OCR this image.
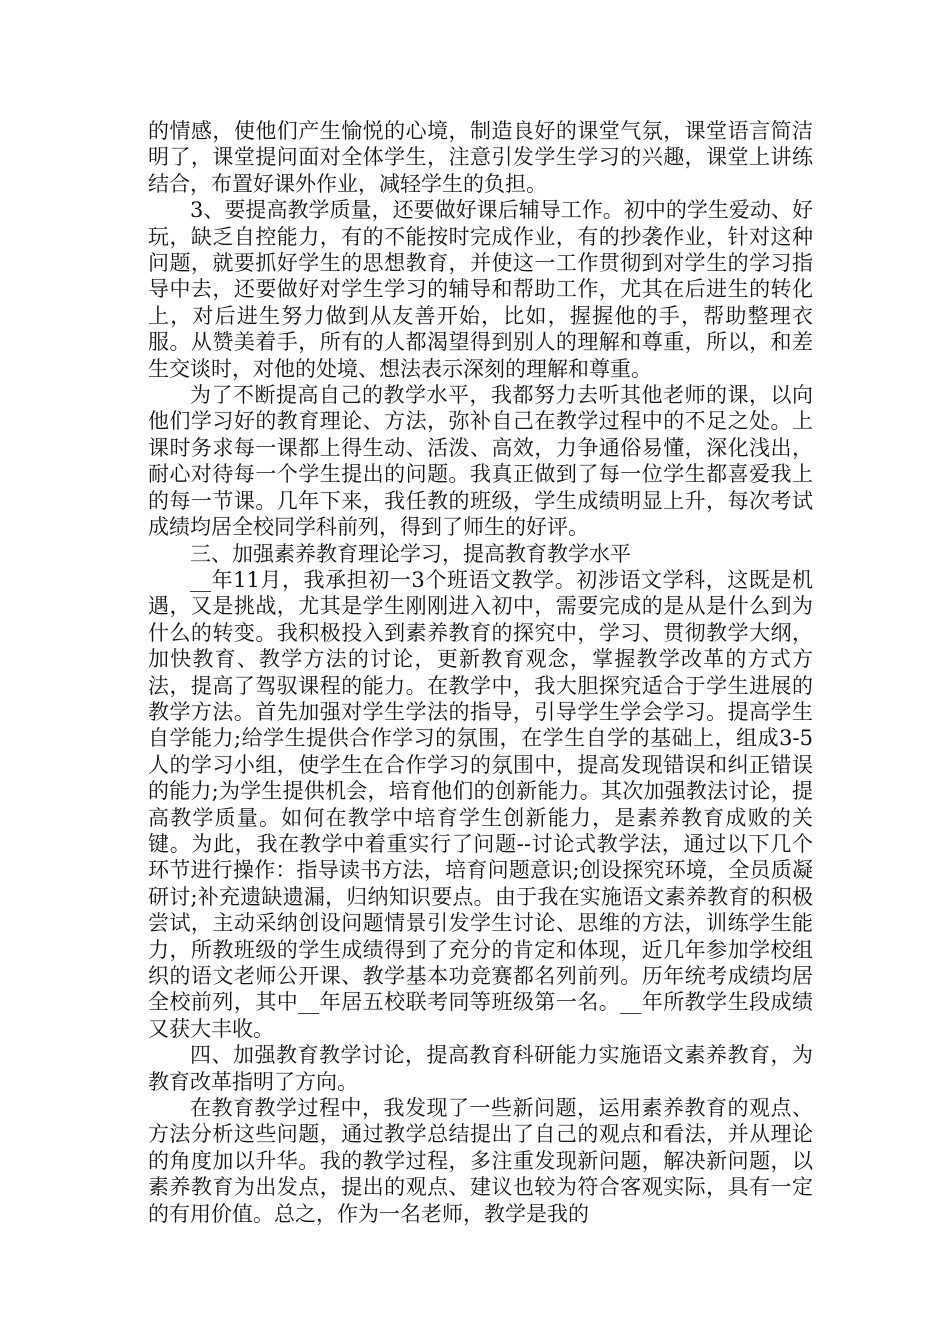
的情感，使他们产生愉悦的心境，制造良好的课堂气氛，课堂语言简洁明了，课堂提问面对全体学生，注意引发学生学习的兴趣，课堂上讲练结合，布置好课外作业，减轻学生的负担。

3、要提高教学质量，还要做好课后辅导工作。初中的学生爱动、好玩，缺乏自控能力，有的不能按时完成作业，有的抄袭作业，针对这种问题，就要抓好学生的思想教育，并使这一工作贯彻到对学生的学习指导中去，还要做好对学生学习的辅导和帮助工作，尤其在后进生的转化上，对后进生努力做到从友善开始，比如，握握他的手，帮助整理衣服。从赞美着手，所有的人都渴望得到别人的理解和尊重，所以，和差生交谈时，对他的处境、想法表示深刻的理解和尊重。

为了不断提高自己的教学水平，我都努力去听其他老师的课，以向他们学习好的教育理论、方法，弥补自己在教学过程中的不足之处。上课时务求每一课都上得生动、活泼、高效，力争通俗易懂，深化浅出，耐心对待每一个学生提出的问题。我真正做到了每一位学生都喜爱我上的每一节课。几年下来，我任教的班级，学生成绩明显上升，每次考试成绩均居全校同学科前列，得到了师生的好评。

三、加强素养教育理论学习，提高教育教学水平

__年11月，我承担初一3个班语文教学。初涉语文学科，这既是机遇，又是挑战，尤其是学生刚刚进入初中，需要完成的是从是什么到为什么的转变。我积极投入到素养教育的探究中，学习、贯彻教学大纲，加快教育、教学方法的讨论，更新教育观念，掌握教学改革的方式方法，提高了驾驭课程的能力。在教学中，我大胆探究适合于学生进展的教学方法。首先加强对学生学法的指导，引导学生学会学习。提高学生自学能力;给学生提供合作学习的氛围，在学生自学的基础上，组成3-5人的学习小组，使学生在合作学习的氛围中，提高发现错误和纠正错误的能力;为学生提供机会，培育他们的创新能力。其次加强教法讨论，提高教学质量。如何在教学中培育学生创新能力，是素养教育成败的关键。为此，我在教学中着重实行了问题--讨论式教学法，通过以下几个环节进行操作：指导读书方法，培育问题意识;创设探究环境，全员质凝研讨;补充遗缺遗漏，归纳知识要点。由于我在实施语文素养教育的积极尝试，主动采纳创设问题情景引发学生讨论、思维的方法，训练学生能力，所教班级的学生成绩得到了充分的肯定和体现，近几年参加学校组织的语文老师公开课、教学基本功竞赛都名列前列。历年统考成绩均居全校前列，其中__年居五校联考同等班级第一名。__年所教学生段成绩又获大丰收。

四、加强教育教学讨论，提高教育科研能力实施语文素养教育，为教育改革指明了方向。

在教育教学过程中，我发现了一些新问题，运用素养教育的观点、方法分析这些问题，通过教学总结提出了自己的观点和看法，并从理论的角度加以升华。我的教学过程，多注重发现新问题，解决新问题，以素养教育为出发点，提出的观点、建议也较为符合客观实际，具有一定的有用价值。总之，作为一名老师，教学是我的
